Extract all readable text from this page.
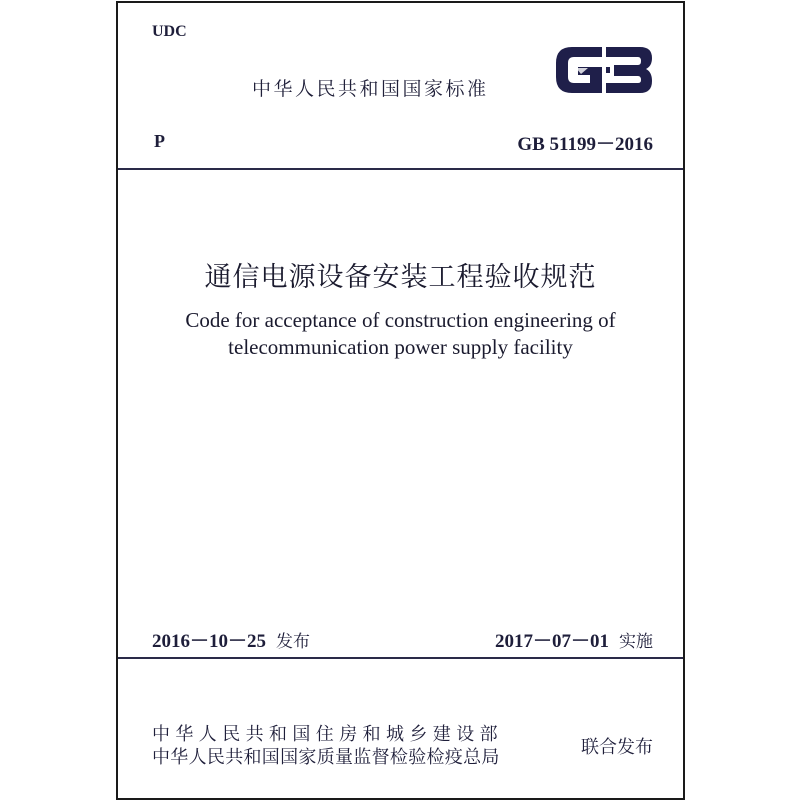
UDC
中华人民共和国国家标准
P	GB 51199－2016
通信电源设备安装工程验收规范
Code for acceptance of construction engineering of telecommunication power supply facility
2016－10－25 发布	2017－07－01 实施
中华人民共和国住房和城乡建设部
中华人民共和国国家质量监督检验检疫总局	联合发布
